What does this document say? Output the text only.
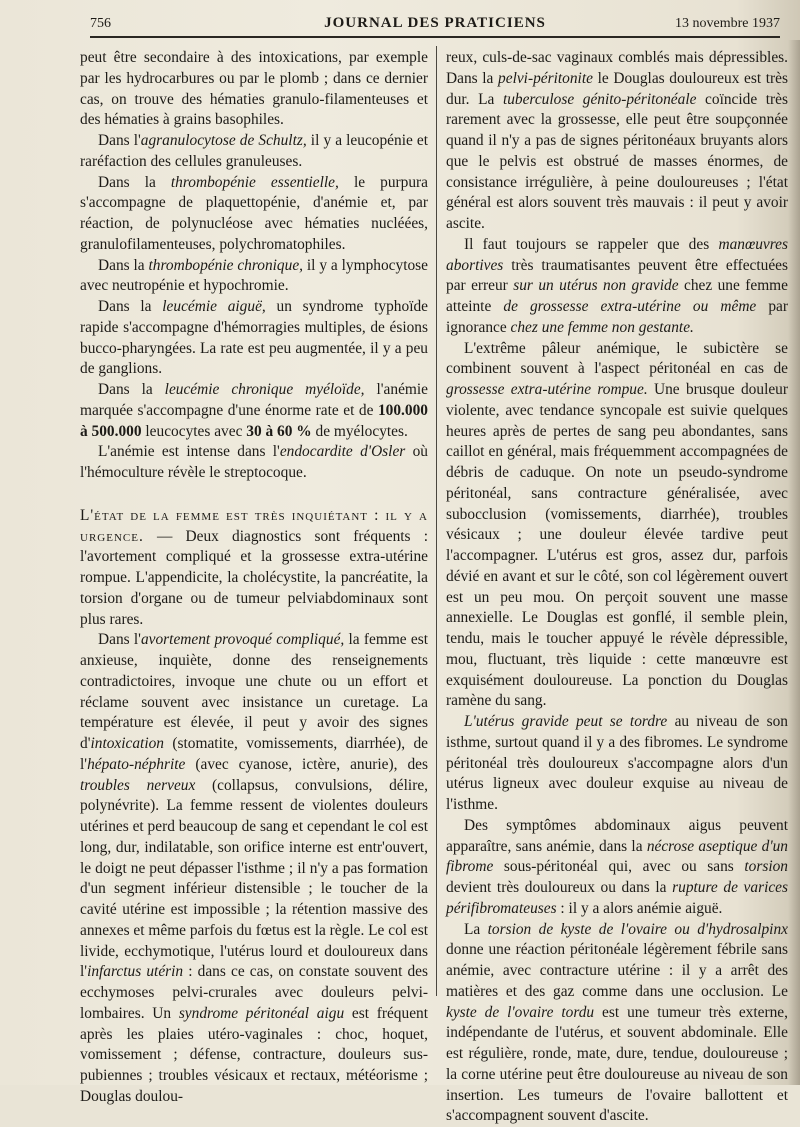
756	JOURNAL DES PRATICIENS	13 novembre 1937

peut être secondaire à des intoxications, par exemple par les hydrocarbures ou par le plomb ; dans ce dernier cas, on trouve des hématies granulo-filamenteuses et des hématies à grains basophiles.

Dans l'agranulocytose de Schultz, il y a leucopénie et raréfaction des cellules granuleuses.

Dans la thrombopénie essentielle, le purpura s'accompagne de plaquettopénie, d'anémie et, par réaction, de polynucléose avec hématies nucléées, granulofilamenteuses, polychromatophiles.

Dans la thrombopénie chronique, il y a lymphocytose avec neutropénie et hypochromie.

Dans la leucémie aiguë, un syndrome typhoïde rapide s'accompagne d'hémorragies multiples, de ésions bucco-pharyngées. La rate est peu augmentée, il y a peu de ganglions.

Dans la leucémie chronique myéloïde, l'anémie marquée s'accompagne d'une énorme rate et de 100.000 à 500.000 leucocytes avec 30 à 60 % de myélocytes.

L'anémie est intense dans l'endocardite d'Osler où l'hémoculture révèle le streptocoque.

L'état de la femme est très inquiétant : il y a urgence. — Deux diagnostics sont fréquents : l'avortement compliqué et la grossesse extra-utérine rompue. L'appendicite, la cholécystite, la pancréatite, la torsion d'organe ou de tumeur pelviabdominaux sont plus rares.

Dans l'avortement provoqué compliqué, la femme est anxieuse, inquiète, donne des renseignements contradictoires, invoque une chute ou un effort et réclame souvent avec insistance un curetage. La température est élevée, il peut y avoir des signes d'intoxication (stomatite, vomissements, diarrhée), de l'hépato-néphrite (avec cyanose, ictère, anurie), des troubles nerveux (collapsus, convulsions, délire, polynévrite). La femme ressent de violentes douleurs utérines et perd beaucoup de sang et cependant le col est long, dur, indilatable, son orifice interne est entr'ouvert, le doigt ne peut dépasser l'isthme ; il n'y a pas formation d'un segment inférieur distensible ; le toucher de la cavité utérine est impossible ; la rétention massive des annexes et même parfois du fœtus est la règle. Le col est livide, ecchymotique, l'utérus lourd et douloureux dans l'infarctus utérin : dans ce cas, on constate souvent des ecchymoses pelvi-crurales avec douleurs pelvi-lombaires. Un syndrome péritonéal aigu est fréquent après les plaies utéro-vaginales : choc, hoquet, vomissement ; défense, contracture, douleurs sus-pubiennes ; troubles vésicaux et rectaux, météorisme ; Douglas doulou-

reux, culs-de-sac vaginaux comblés mais dépressibles. Dans la pelvi-péritonite le Douglas douloureux est très dur. La tuberculose génito-péritonéale coïncide très rarement avec la grossesse, elle peut être soupçonnée quand il n'y a pas de signes péritonéaux bruyants alors que le pelvis est obstrué de masses énormes, de consistance irrégulière, à peine douloureuses ; l'état général est alors souvent très mauvais : il peut y avoir ascite.

Il faut toujours se rappeler que des manœuvres abortives très traumatisantes peuvent être effectuées par erreur sur un utérus non gravide chez une femme atteinte de grossesse extra-utérine ou même par ignorance chez une femme non gestante.

L'extrême pâleur anémique, le subictère se combinent souvent à l'aspect péritonéal en cas de grossesse extra-utérine rompue. Une brusque douleur violente, avec tendance syncopale est suivie quelques heures après de pertes de sang peu abondantes, sans caillot en général, mais fréquemment accompagnées de débris de caduque. On note un pseudo-syndrome péritonéal, sans contracture généralisée, avec subocclusion (vomissements, diarrhée), troubles vésicaux ; une douleur élevée tardive peut l'accompagner. L'utérus est gros, assez dur, parfois dévié en avant et sur le côté, son col légèrement ouvert est un peu mou. On perçoit souvent une masse annexielle. Le Douglas est gonflé, il semble plein, tendu, mais le toucher appuyé le révèle dépressible, mou, fluctuant, très liquide : cette manœuvre est exquisément douloureuse. La ponction du Douglas ramène du sang.

L'utérus gravide peut se tordre au niveau de son isthme, surtout quand il y a des fibromes. Le syndrome péritonéal très douloureux s'accompagne alors d'un utérus ligneux avec douleur exquise au niveau de l'isthme.

Des symptômes abdominaux aigus peuvent apparaître, sans anémie, dans la nécrose aseptique d'un fibrome sous-péritonéal qui, avec ou sans torsion devient très douloureux ou dans la rupture de varices périfibromateuses : il y a alors anémie aiguë.

La torsion de kyste de l'ovaire ou d'hydrosalpinx donne une réaction péritonéale légèrement fébrile sans anémie, avec contracture utérine : il y a arrêt des matières et des gaz comme dans une occlusion. Le kyste de l'ovaire tordu est une tumeur très externe, indépendante de l'utérus, et souvent abdominale. Elle est régulière, ronde, mate, dure, tendue, douloureuse ; la corne utérine peut être douloureuse au niveau de son insertion. Les tumeurs de l'ovaire ballottent et s'accompagnent souvent d'ascite.
